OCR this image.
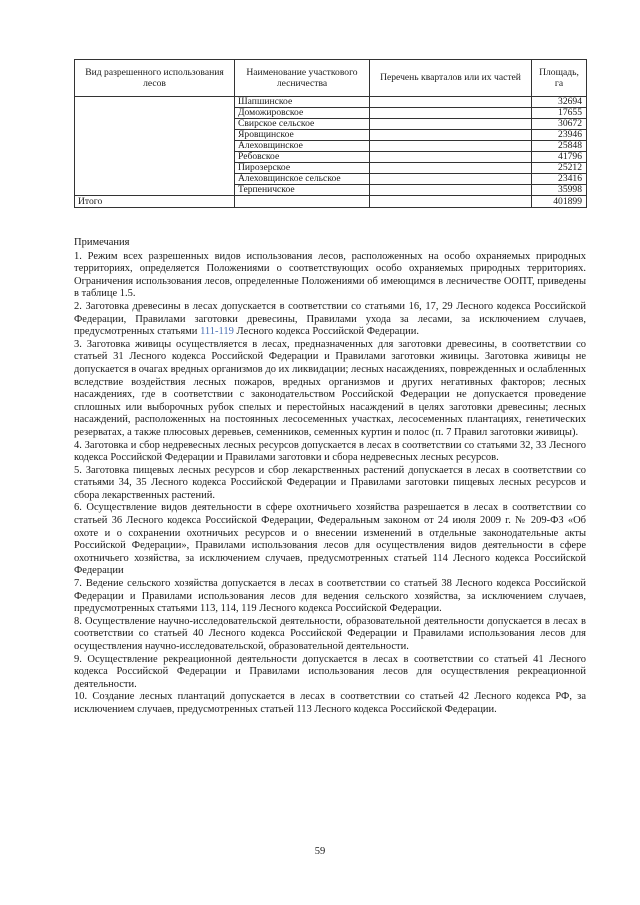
Вид разрешенного использования лесов	Наименование участкового лесничества	Перечень кварталов или их частей	Площадь, га
	Шапшинское		32694
	Доможировское		17655
	Свирское сельское		30672
	Яровщинское		23946
	Алеховщинское		25848
	Ребовское		41796
	Пирозерское		25212
	Алеховщинское сельское		23416
	Терпеничское		35998
Итого			401899

Примечания

1. Режим всех разрешенных видов использования лесов, расположенных на особо охраняемых природных территориях, определяется Положениями о соответствующих особо охраняемых природных территориях. Ограничения использования лесов, определенные Положениями об имеющимся в лесничестве ООПТ, приведены в таблице 1.5.

2. Заготовка древесины в лесах допускается в соответствии со статьями 16, 17, 29 Лесного кодекса Российской Федерации, Правилами заготовки древесины, Правилами ухода за лесами, за исключением случаев, предусмотренных статьями 111-119 Лесного кодекса Российской Федерации.

3. Заготовка живицы осуществляется в лесах, предназначенных для заготовки древесины, в соответствии со статьей 31 Лесного кодекса Российской Федерации и Правилами заготовки живицы. Заготовка живицы не допускается в очагах вредных организмов до их ликвидации; лесных насаждениях, поврежденных и ослабленных вследствие воздействия лесных пожаров, вредных организмов и других негативных факторов; лесных насаждениях, где в соответствии с законодательством Российской Федерации не допускается проведение сплошных или выборочных рубок спелых и перестойных насаждений в целях заготовки древесины; лесных насаждений, расположенных на постоянных лесосеменных участках, лесосеменных плантациях, генетических резерватах, а также плюсовых деревьев, семенников, семенных куртин и полос (п. 7 Правил заготовки живицы).

4. Заготовка и сбор недревесных лесных ресурсов допускается в лесах в соответствии со статьями 32, 33 Лесного кодекса Российской Федерации и Правилами заготовки и сбора недревесных лесных ресурсов.

5. Заготовка пищевых лесных ресурсов и сбор лекарственных растений допускается в лесах в соответствии со статьями 34, 35 Лесного кодекса Российской Федерации и Правилами заготовки пищевых лесных ресурсов и сбора лекарственных растений.

6. Осуществление видов деятельности в сфере охотничьего хозяйства разрешается в лесах в соответствии со статьей 36 Лесного кодекса Российской Федерации, Федеральным законом от 24 июля 2009 г. № 209-ФЗ «Об охоте и о сохранении охотничьих ресурсов и о внесении изменений в отдельные законодательные акты Российской Федерации», Правилами использования лесов для осуществления видов деятельности в сфере охотничьего хозяйства, за исключением случаев, предусмотренных статьей 114 Лесного кодекса Российской Федерации

7. Ведение сельского хозяйства допускается в лесах в соответствии со статьей 38 Лесного кодекса Российской Федерации и Правилами использования лесов для ведения сельского хозяйства, за исключением случаев, предусмотренных статьями 113, 114, 119 Лесного кодекса Российской Федерации.

8. Осуществление научно-исследовательской деятельности, образовательной деятельности допускается в лесах в соответствии со статьей 40 Лесного кодекса Российской Федерации и Правилами использования лесов для осуществления научно-исследовательской, образовательной деятельности.

9. Осуществление рекреационной деятельности допускается в лесах в соответствии со статьей 41 Лесного кодекса Российской Федерации и Правилами использования лесов для осуществления рекреационной деятельности.

10. Создание лесных плантаций допускается в лесах в соответствии со статьей 42 Лесного кодекса РФ, за исключением случаев, предусмотренных статьей 113 Лесного кодекса Российской Федерации.

59
